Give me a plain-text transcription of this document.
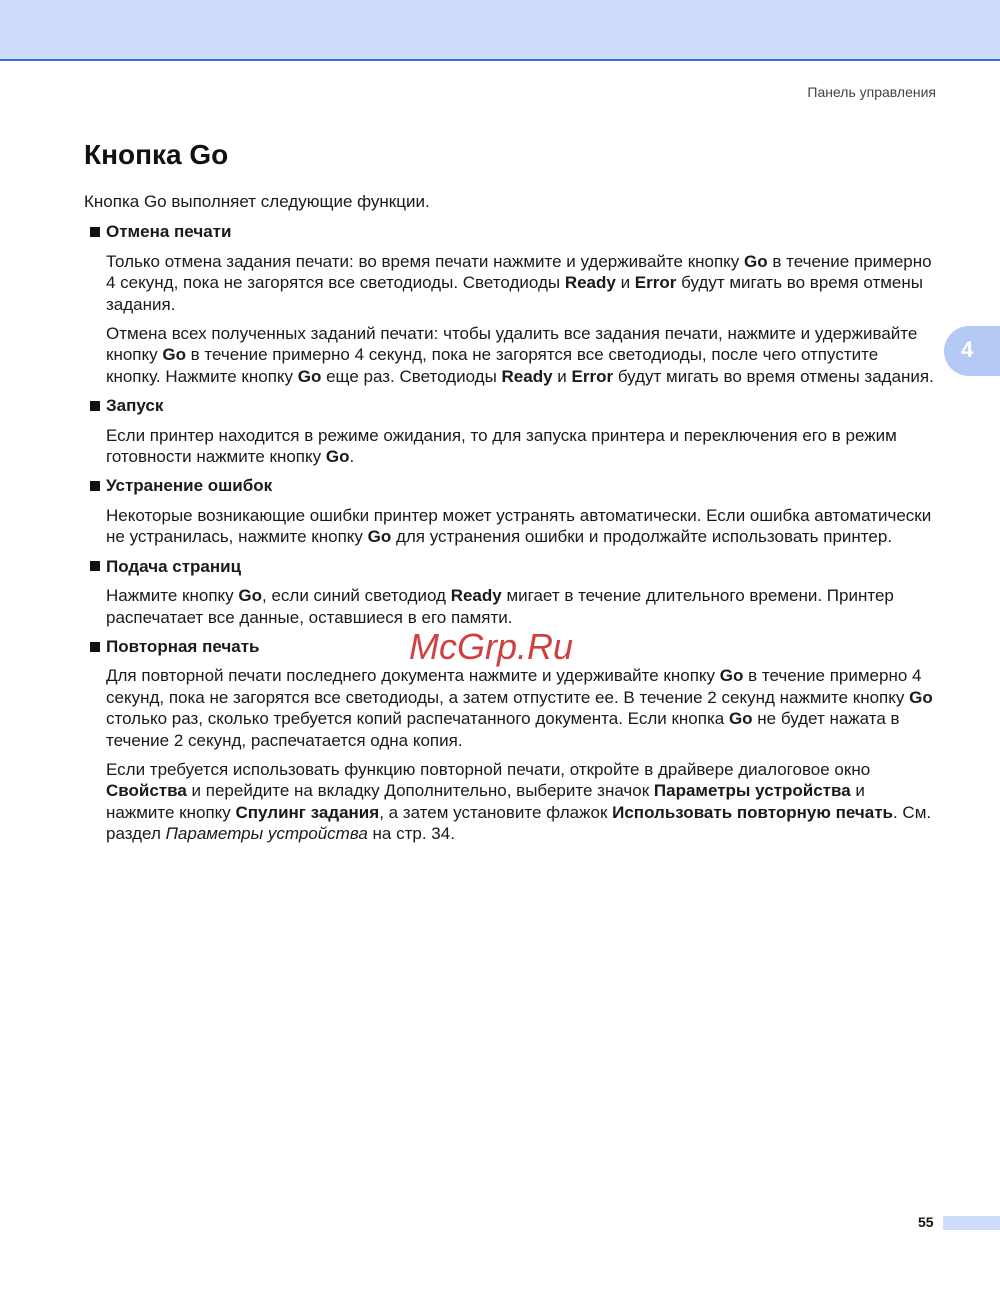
Панель управления
4
Кнопка Go

Кнопка Go выполняет следующие функции.

Отмена печати

Только отмена задания печати: во время печати нажмите и удерживайте кнопку Go в течение примерно 4 секунд, пока не загорятся все светодиоды. Светодиоды Ready и Error будут мигать во время отмены задания.

Отмена всех полученных заданий печати: чтобы удалить все задания печати, нажмите и удерживайте кнопку Go в течение примерно 4 секунд, пока не загорятся все светодиоды, после чего отпустите кнопку. Нажмите кнопку Go еще раз. Светодиоды Ready и Error будут мигать во время отмены задания.

Запуск

Если принтер находится в режиме ожидания, то для запуска принтера и переключения его в режим готовности нажмите кнопку Go.

Устранение ошибок

Некоторые возникающие ошибки принтер может устранять автоматически. Если ошибка автоматически не устранилась, нажмите кнопку Go для устранения ошибки и продолжайте использовать принтер.

Подача страниц

Нажмите кнопку Go, если синий светодиод Ready мигает в течение длительного времени. Принтер распечатает все данные, оставшиеся в его памяти.

Повторная печать

Для повторной печати последнего документа нажмите и удерживайте кнопку Go в течение примерно 4 секунд, пока не загорятся все светодиоды, а затем отпустите ее. В течение 2 секунд нажмите кнопку Go столько раз, сколько требуется копий распечатанного документа. Если кнопка Go не будет нажата в течение 2 секунд, распечатается одна копия.

Если требуется использовать функцию повторной печати, откройте в драйвере диалоговое окно Свойства и перейдите на вкладку Дополнительно, выберите значок Параметры устройства и нажмите кнопку Спулинг задания, а затем установите флажок Использовать повторную печать. См. раздел Параметры устройства на стр. 34.

McGrp.Ru
55
